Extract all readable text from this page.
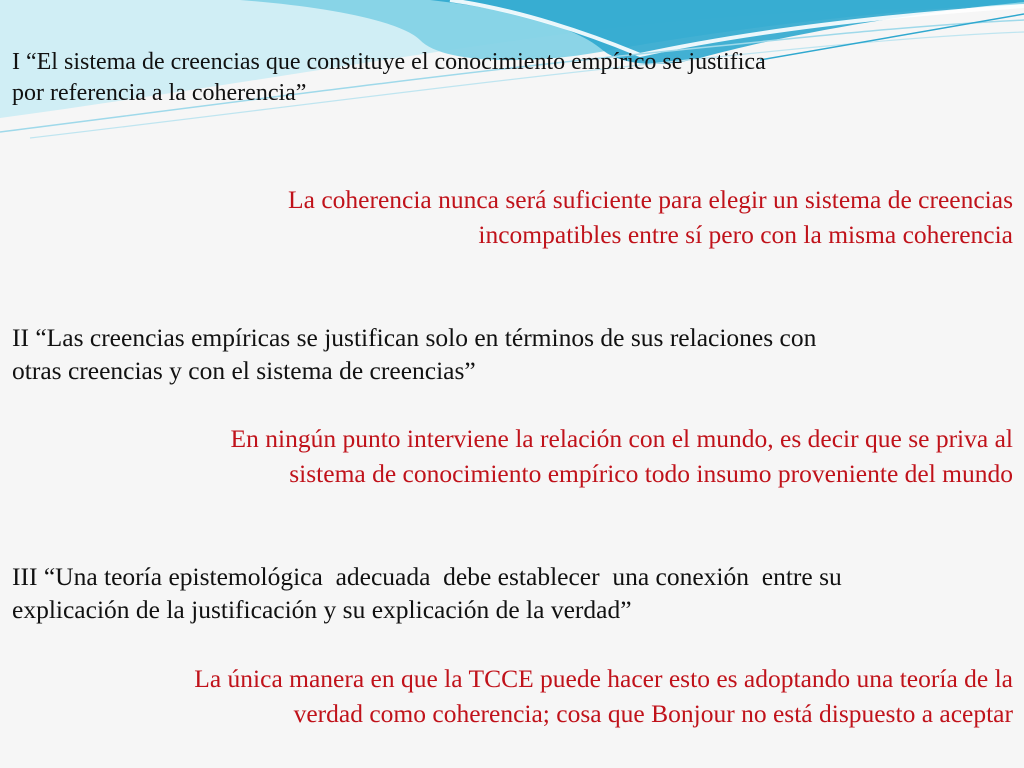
I “El sistema de creencias que constituye el conocimiento empírico se justifica
por referencia a la coherencia”

La coherencia nunca será suficiente para elegir un sistema de creencias
incompatibles entre sí pero con la misma coherencia

II “Las creencias empíricas se justifican solo en términos de sus relaciones con
otras creencias y con el sistema de creencias”

En ningún punto interviene la relación con el mundo, es decir que se priva al
sistema de conocimiento empírico todo insumo proveniente del mundo

III “Una teoría epistemológica  adecuada  debe establecer  una conexión  entre su
explicación de la justificación y su explicación de la verdad”

La única manera en que la TCCE puede hacer esto es adoptando una teoría de la
verdad como coherencia; cosa que Bonjour no está dispuesto a aceptar
